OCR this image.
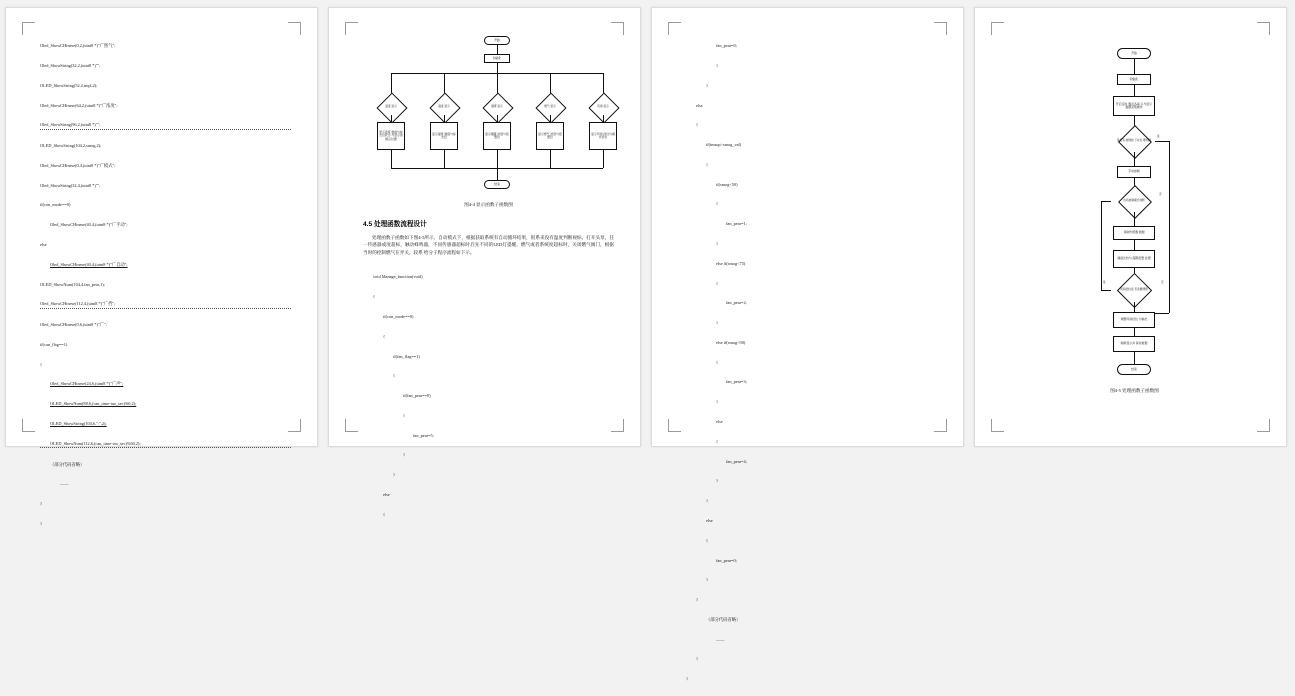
Oled_ShowCHinese(0,2,(uint8 *)"广照气";

Oled_ShowString(32,2,(uint8 *)"";

OLED_ShowString(52,2,mq4,2);

Oled_ShowCHinese(64,2,(uint8 *)"广浓度";

Oled_ShowString(96,2,(uint8 *)"";

OLED_ShowString(104,2,smog,2);

Oled_ShowCHinese(0,4,(uint8 *)"广模式";

Oled_ShowString(32,4,(uint8 *)"";

if(con_mode==0)

Oled_ShowCHinese(40,4,(uint8 *)"广手动";

else

Oled_ShowCHinese(40,4,(uint8 *)"广自动";

OLED_ShowNum(104,4,fan_pear,1);

Oled_ShowCHinese(112,4,(uint8 *)"广挡";

Oled_ShowCHinese(0,6,(uint8 *)"广";

if(can_flag==1)

{

Oled_ShowCHinese(24,6,(uint8 *)"广声";

OLED_ShowNum(88,6,(can_time-tao_sec)/60,2);

OLED_ShowString(104,6,":",2);

OLED_ShowNum(112,6,(can_time-tao_sec)%60,2);

（部分代码省略）

——

}

}

开始
初始化
温度 显示	湿度 显示	烟雾 显示	燃气 显示	风扇 显示
显示温度 数值与标 志位状态 与显示的 相应位置
显示湿度 数值与标 志位
显示烟雾 浓度与报 警位
显示燃气 浓度与报 警位
显示风扇 挡位与模 式状态
结束
图4-4 显示函数子函数图
4.5 处理函数流程设计
处理函数子函数如下图4-5所示，自动模式下，根据获取系统有自动循环结果，很系来没有温度判断视标，打开头泵，任一传感器或度超标，触动蜂鸣器，不同传感器超标时启先不同的LED灯提醒，燃气或者系统度超标时，关闭燃气阀门，根据当时的控制燃气在弄关，较系 给分子程序流程如下示。

void Manage_function(void)

{

if(con_mode==0)

{

if(fan_flag==1)

{

if(fan_pear==0)

{

fan_pear=5;

}

}

else

{

fan_pear=0;

}

}

else

{

if(tmsop>smog_val)

{

if(smog<50)

{

fan_pear=1;

}

else if(smog<75)

{

fan_pear=2;

}

else if(smog<90)

{

fan_pear=3;

}

else

{

fan_pear=4;

}

}

else

{

fan_pear=0;

}

}

（部分代码省略）

——

}

}

开始
初始化
开启定时 器及各串 口与显示 数据采集操作
是否有 按键按 下并处 理判断
是
手动控制
自动控制模式判断
否
读取传感器 数据
阈值比较与 超限报警 处理
风扇挡位是 否需要调整
否
是
调整风扇挡位 与输出
刷新显示并 保存数据
结束
图4-5 处理函数子函数图
